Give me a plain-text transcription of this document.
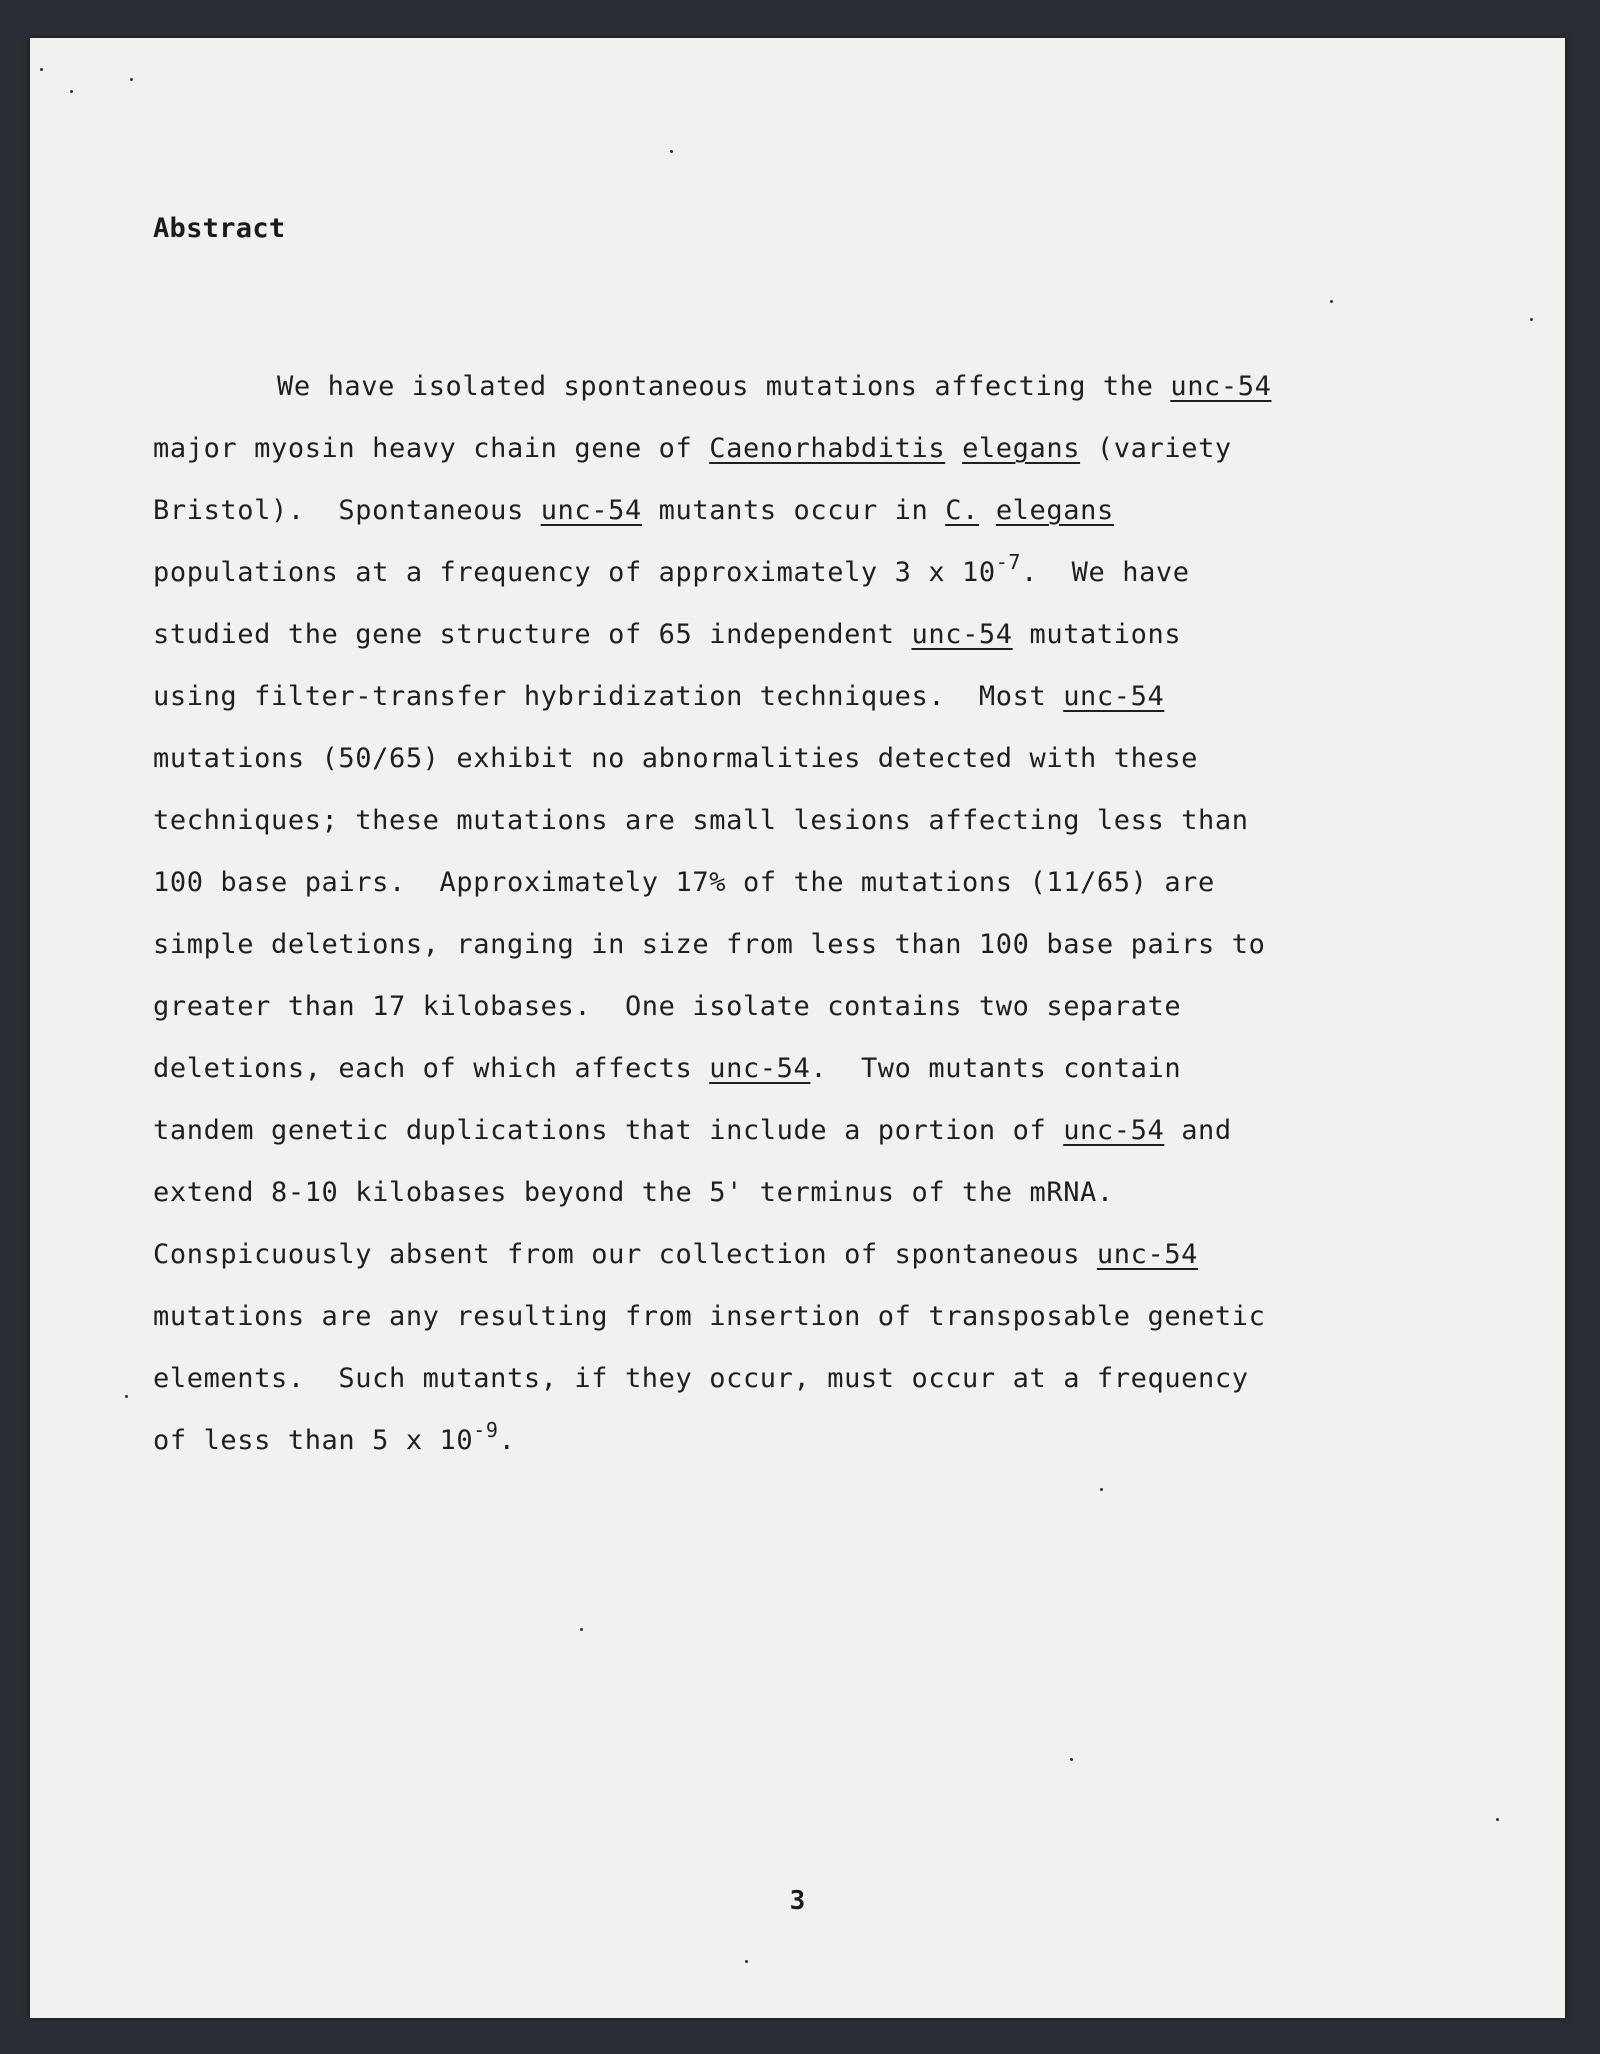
Abstract
We have isolated spontaneous mutations affecting the unc-54
major myosin heavy chain gene of Caenorhabditis elegans (variety
Bristol).  Spontaneous unc-54 mutants occur in C. elegans
populations at a frequency of approximately 3 x $10^{-7}$.  We have
studied the gene structure of 65 independent unc-54 mutations
using filter-transfer hybridization techniques.  Most unc-54
mutations (50/65) exhibit no abnormalities detected with these
techniques; these mutations are small lesions affecting less than
100 base pairs.  Approximately 17% of the mutations (11/65) are
simple deletions, ranging in size from less than 100 base pairs to
greater than 17 kilobases.  One isolate contains two separate
deletions, each of which affects unc-54.  Two mutants contain
tandem genetic duplications that include a portion of unc-54 and
extend 8-10 kilobases beyond the 5' terminus of the mRNA.
Conspicuously absent from our collection of spontaneous unc-54
mutations are any resulting from insertion of transposable genetic
elements.  Such mutants, if they occur, must occur at a frequency
of less than 5 x $10^{-9}$.
3
